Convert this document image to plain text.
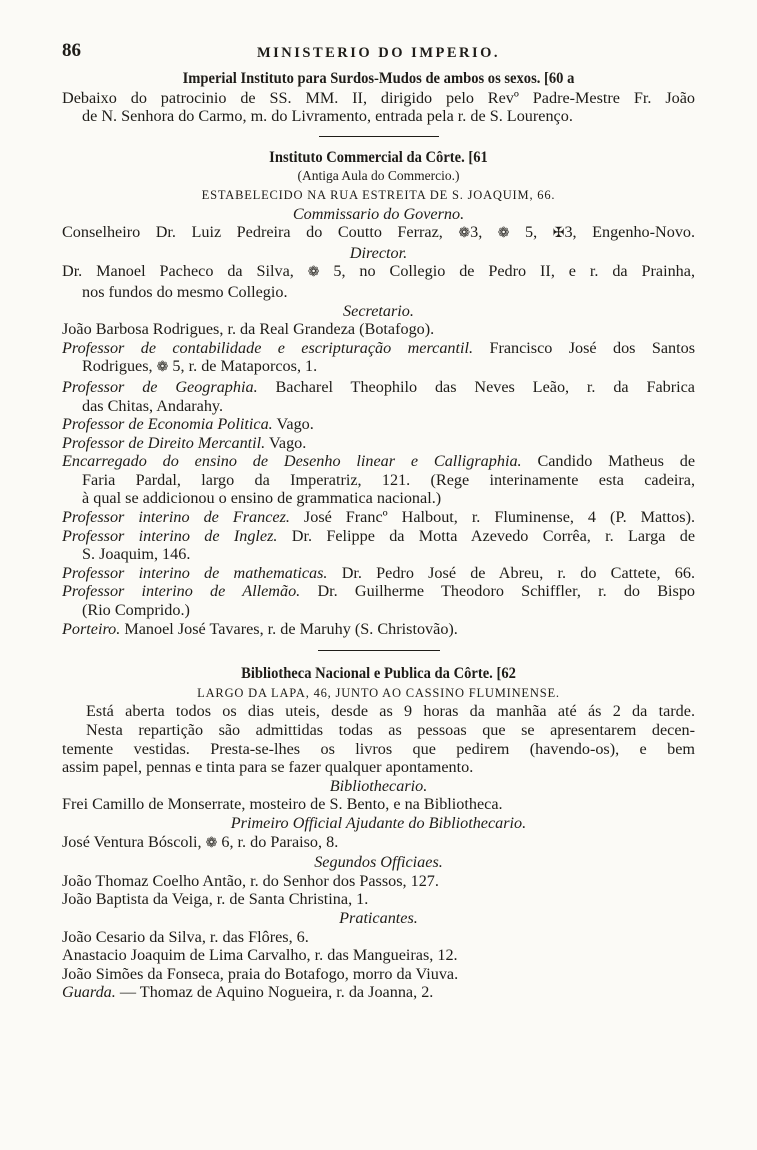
86	MINISTERIO DO IMPERIO.
Imperial Instituto para Surdos-Mudos de ambos os sexos. [60 a
Debaixo do patrocinio de SS. MM. II, dirigido pelo Revº Padre-Mestre Fr. João
de N. Senhora do Carmo, m. do Livramento, entrada pela r. de S. Lourenço.
Instituto Commercial da Côrte. [61
(Antiga Aula do Commercio.)
ESTABELECIDO NA RUA ESTREITA DE S. JOAQUIM, 66.
Commissario do Governo.
Conselheiro Dr. Luiz Pedreira do Coutto Ferraz, ❁3, ❁ 5, ✠3, Engenho-Novo.
Director.
Dr. Manoel Pacheco da Silva, ❁ 5, no Collegio de Pedro II, e r. da Prainha,
nos fundos do mesmo Collegio.
Secretario.
João Barbosa Rodrigues, r. da Real Grandeza (Botafogo).
Professor de contabilidade e escripturação mercantil. Francisco José dos Santos
Rodrigues, ❁ 5, r. de Mataporcos, 1.
Professor de Geographia. Bacharel Theophilo das Neves Leão, r. da Fabrica
das Chitas, Andarahy.
Professor de Economia Politica. Vago.
Professor de Direito Mercantil. Vago.
Encarregado do ensino de Desenho linear e Calligraphia. Candido Matheus de
Faria Pardal, largo da Imperatriz, 121. (Rege interinamente esta cadeira,
à qual se addicionou o ensino de grammatica nacional.)
Professor interino de Francez. José Francº Halbout, r. Fluminense, 4 (P. Mattos).
Professor interino de Inglez. Dr. Felippe da Motta Azevedo Corrêa, r. Larga de
S. Joaquim, 146.
Professor interino de mathematicas. Dr. Pedro José de Abreu, r. do Cattete, 66.
Professor interino de Allemão. Dr. Guilherme Theodoro Schiffler, r. do Bispo
(Rio Comprido.)
Porteiro. Manoel José Tavares, r. de Maruhy (S. Christovão).
Bibliotheca Nacional e Publica da Côrte. [62
LARGO DA LAPA, 46, JUNTO AO CASSINO FLUMINENSE.
Está aberta todos os dias uteis, desde as 9 horas da manhãa até ás 2 da tarde.
Nesta repartição são admittidas todas as pessoas que se apresentarem decen-
temente vestidas. Presta-se-lhes os livros que pedirem (havendo-os), e bem
assim papel, pennas e tinta para se fazer qualquer apontamento.
Bibliothecario.
Frei Camillo de Monserrate, mosteiro de S. Bento, e na Bibliotheca.
Primeiro Official Ajudante do Bibliothecario.
José Ventura Bóscoli, ❁ 6, r. do Paraiso, 8.
Segundos Officiaes.
João Thomaz Coelho Antão, r. do Senhor dos Passos, 127.
João Baptista da Veiga, r. de Santa Christina, 1.
Praticantes.
João Cesario da Silva, r. das Flôres, 6.
Anastacio Joaquim de Lima Carvalho, r. das Mangueiras, 12.
João Simões da Fonseca, praia do Botafogo, morro da Viuva.
Guarda. — Thomaz de Aquino Nogueira, r. da Joanna, 2.
